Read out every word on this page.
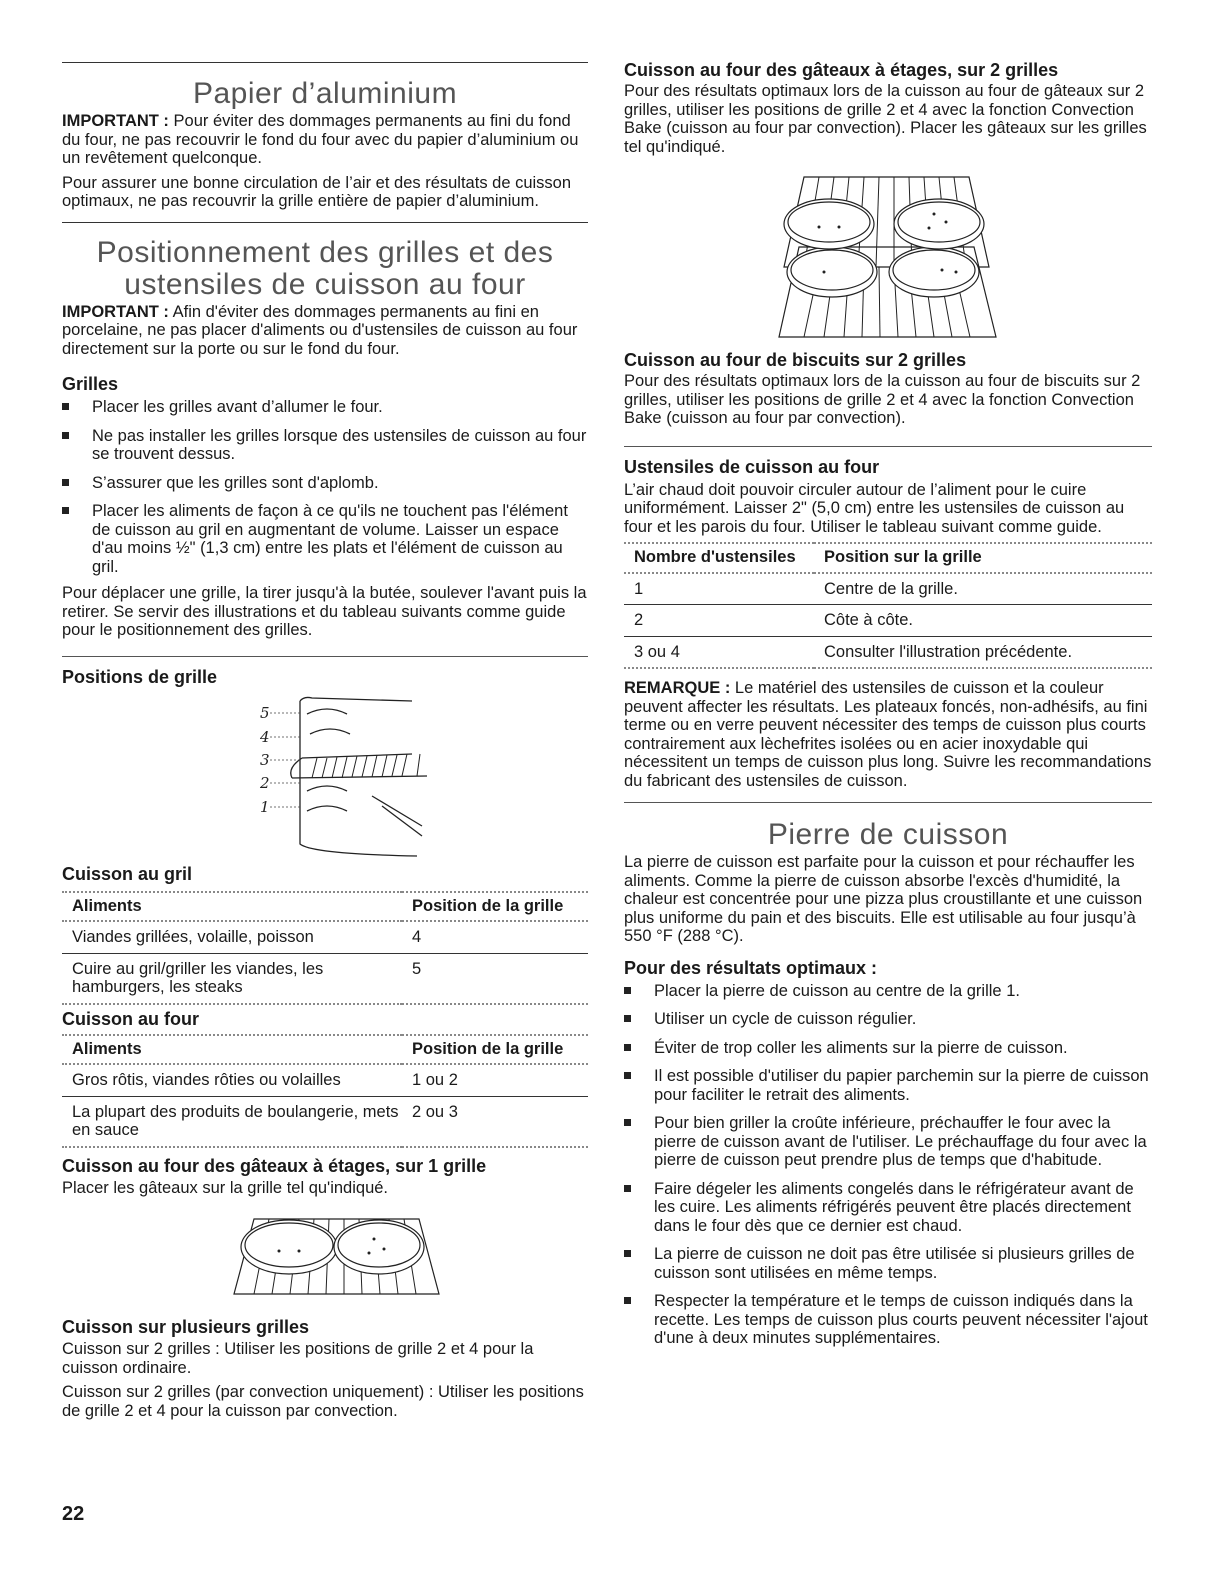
Papier d’aluminium

IMPORTANT : Pour éviter des dommages permanents au fini du fond du four, ne pas recouvrir le fond du four avec du papier d’aluminium ou un revêtement quelconque.

Pour assurer une bonne circulation de l’air et des résultats de cuisson optimaux, ne pas recouvrir la grille entière de papier d’aluminium.

Positionnement des grilles et des
ustensiles de cuisson au four

IMPORTANT : Afin d'éviter des dommages permanents au fini en porcelaine, ne pas placer d'aliments ou d'ustensiles de cuisson au four directement sur la porte ou sur le fond du four.

Grilles
Placer les grilles avant d’allumer le four.
Ne pas installer les grilles lorsque des ustensiles de cuisson au four se trouvent dessus.
S’assurer que les grilles sont d'aplomb.
Placer les aliments de façon à ce qu'ils ne touchent pas l'élément de cuisson au gril en augmentant de volume. Laisser un espace d'au moins ½" (1,3 cm) entre les plats et l'élément de cuisson au gril.

Pour déplacer une grille, la tirer jusqu'à la butée, soulever l'avant puis la retirer. Se servir des illustrations et du tableau suivants comme guide pour le positionnement des grilles.

Positions de grille
5
4
3
2
1
Cuisson au gril
Aliments	Position de la grille
Viandes grillées, volaille, poisson	4
Cuire au gril/griller les viandes, les hamburgers, les steaks	5
Cuisson au four
Aliments	Position de la grille
Gros rôtis, viandes rôties ou volailles	1 ou 2
La plupart des produits de boulangerie, mets en sauce	2 ou 3
Cuisson au four des gâteaux à étages, sur 1 grille

Placer les gâteaux sur la grille tel qu'indiqué.

Cuisson sur plusieurs grilles

Cuisson sur 2 grilles : Utiliser les positions de grille 2 et 4 pour la cuisson ordinaire.

Cuisson sur 2 grilles (par convection uniquement) : Utiliser les positions de grille 2 et 4 pour la cuisson par convection.

Cuisson au four des gâteaux à étages, sur 2 grilles

Pour des résultats optimaux lors de la cuisson au four de gâteaux sur 2 grilles, utiliser les positions de grille 2 et 4 avec la fonction Convection Bake (cuisson au four par convection). Placer les gâteaux sur les grilles tel qu'indiqué.

Cuisson au four de biscuits sur 2 grilles

Pour des résultats optimaux lors de la cuisson au four de biscuits sur 2 grilles, utiliser les positions de grille 2 et 4 avec la fonction Convection Bake (cuisson au four par convection).

Ustensiles de cuisson au four

L’air chaud doit pouvoir circuler autour de l’aliment pour le cuire uniformément. Laisser 2" (5,0 cm) entre les ustensiles de cuisson au four et les parois du four. Utiliser le tableau suivant comme guide.

Nombre d'ustensiles	Position sur la grille
1	Centre de la grille.
2	Côte à côte.
3 ou 4	Consulter l'illustration précédente.

REMARQUE : Le matériel des ustensiles de cuisson et la couleur peuvent affecter les résultats. Les plateaux foncés, non-adhésifs, au fini terme ou en verre peuvent nécessiter des temps de cuisson plus courts contrairement aux lèchefrites isolées ou en acier inoxydable qui nécessitent un temps de cuisson plus long. Suivre les recommandations du fabricant des ustensiles de cuisson.

Pierre de cuisson

La pierre de cuisson est parfaite pour la cuisson et pour réchauffer les aliments. Comme la pierre de cuisson absorbe l'excès d'humidité, la chaleur est concentrée pour une pizza plus croustillante et une cuisson plus uniforme du pain et des biscuits. Elle est utilisable au four jusqu’à 550 °F (288 °C).

Pour des résultats optimaux :
Placer la pierre de cuisson au centre de la grille 1.
Utiliser un cycle de cuisson régulier.
Éviter de trop coller les aliments sur la pierre de cuisson.
Il est possible d'utiliser du papier parchemin sur la pierre de cuisson pour faciliter le retrait des aliments.
Pour bien griller la croûte inférieure, préchauffer le four avec la pierre de cuisson avant de l'utiliser. Le préchauffage du four avec la pierre de cuisson peut prendre plus de temps que d'habitude.
Faire dégeler les aliments congelés dans le réfrigérateur avant de les cuire. Les aliments réfrigérés peuvent être placés directement dans le four dès que ce dernier est chaud.
La pierre de cuisson ne doit pas être utilisée si plusieurs grilles de cuisson sont utilisées en même temps.
Respecter la température et le temps de cuisson indiqués dans la recette. Les temps de cuisson plus courts peuvent nécessiter l'ajout d'une à deux minutes supplémentaires.
22
